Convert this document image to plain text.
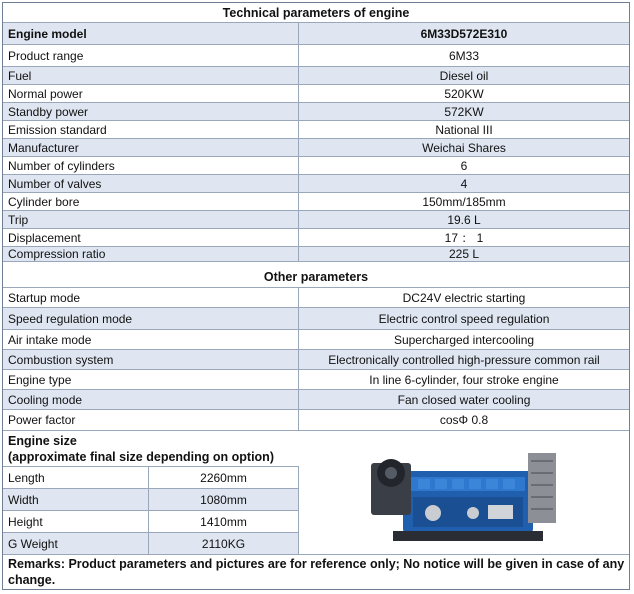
Technical parameters of engine
Engine model	6M33D572E310
Product range	6M33
Fuel	Diesel oil
Normal power	520KW
Standby power	572KW
Emission standard	National III
Manufacturer	Weichai Shares
Number of cylinders	6
Number of valves	4
Cylinder bore	150mm/185mm
Trip	19.6 L
Displacement	17 ： 1
Compression ratio	225 L
Other parameters
Startup mode	DC24V electric starting
Speed regulation mode	Electric control speed regulation
Air intake mode	Supercharged intercooling
Combustion system	Electronically controlled high-pressure common rail
Engine type	In line 6-cylinder, four stroke engine
Cooling mode	Fan closed water cooling
Power factor	cosΦ 0.8
Engine size
(approximate final size depending on option)
Length	2260mm
Width	1080mm
Height	1410mm
G Weight	2110KG
Remarks: Product parameters and pictures are for reference only; No notice will be given in case of any change.
